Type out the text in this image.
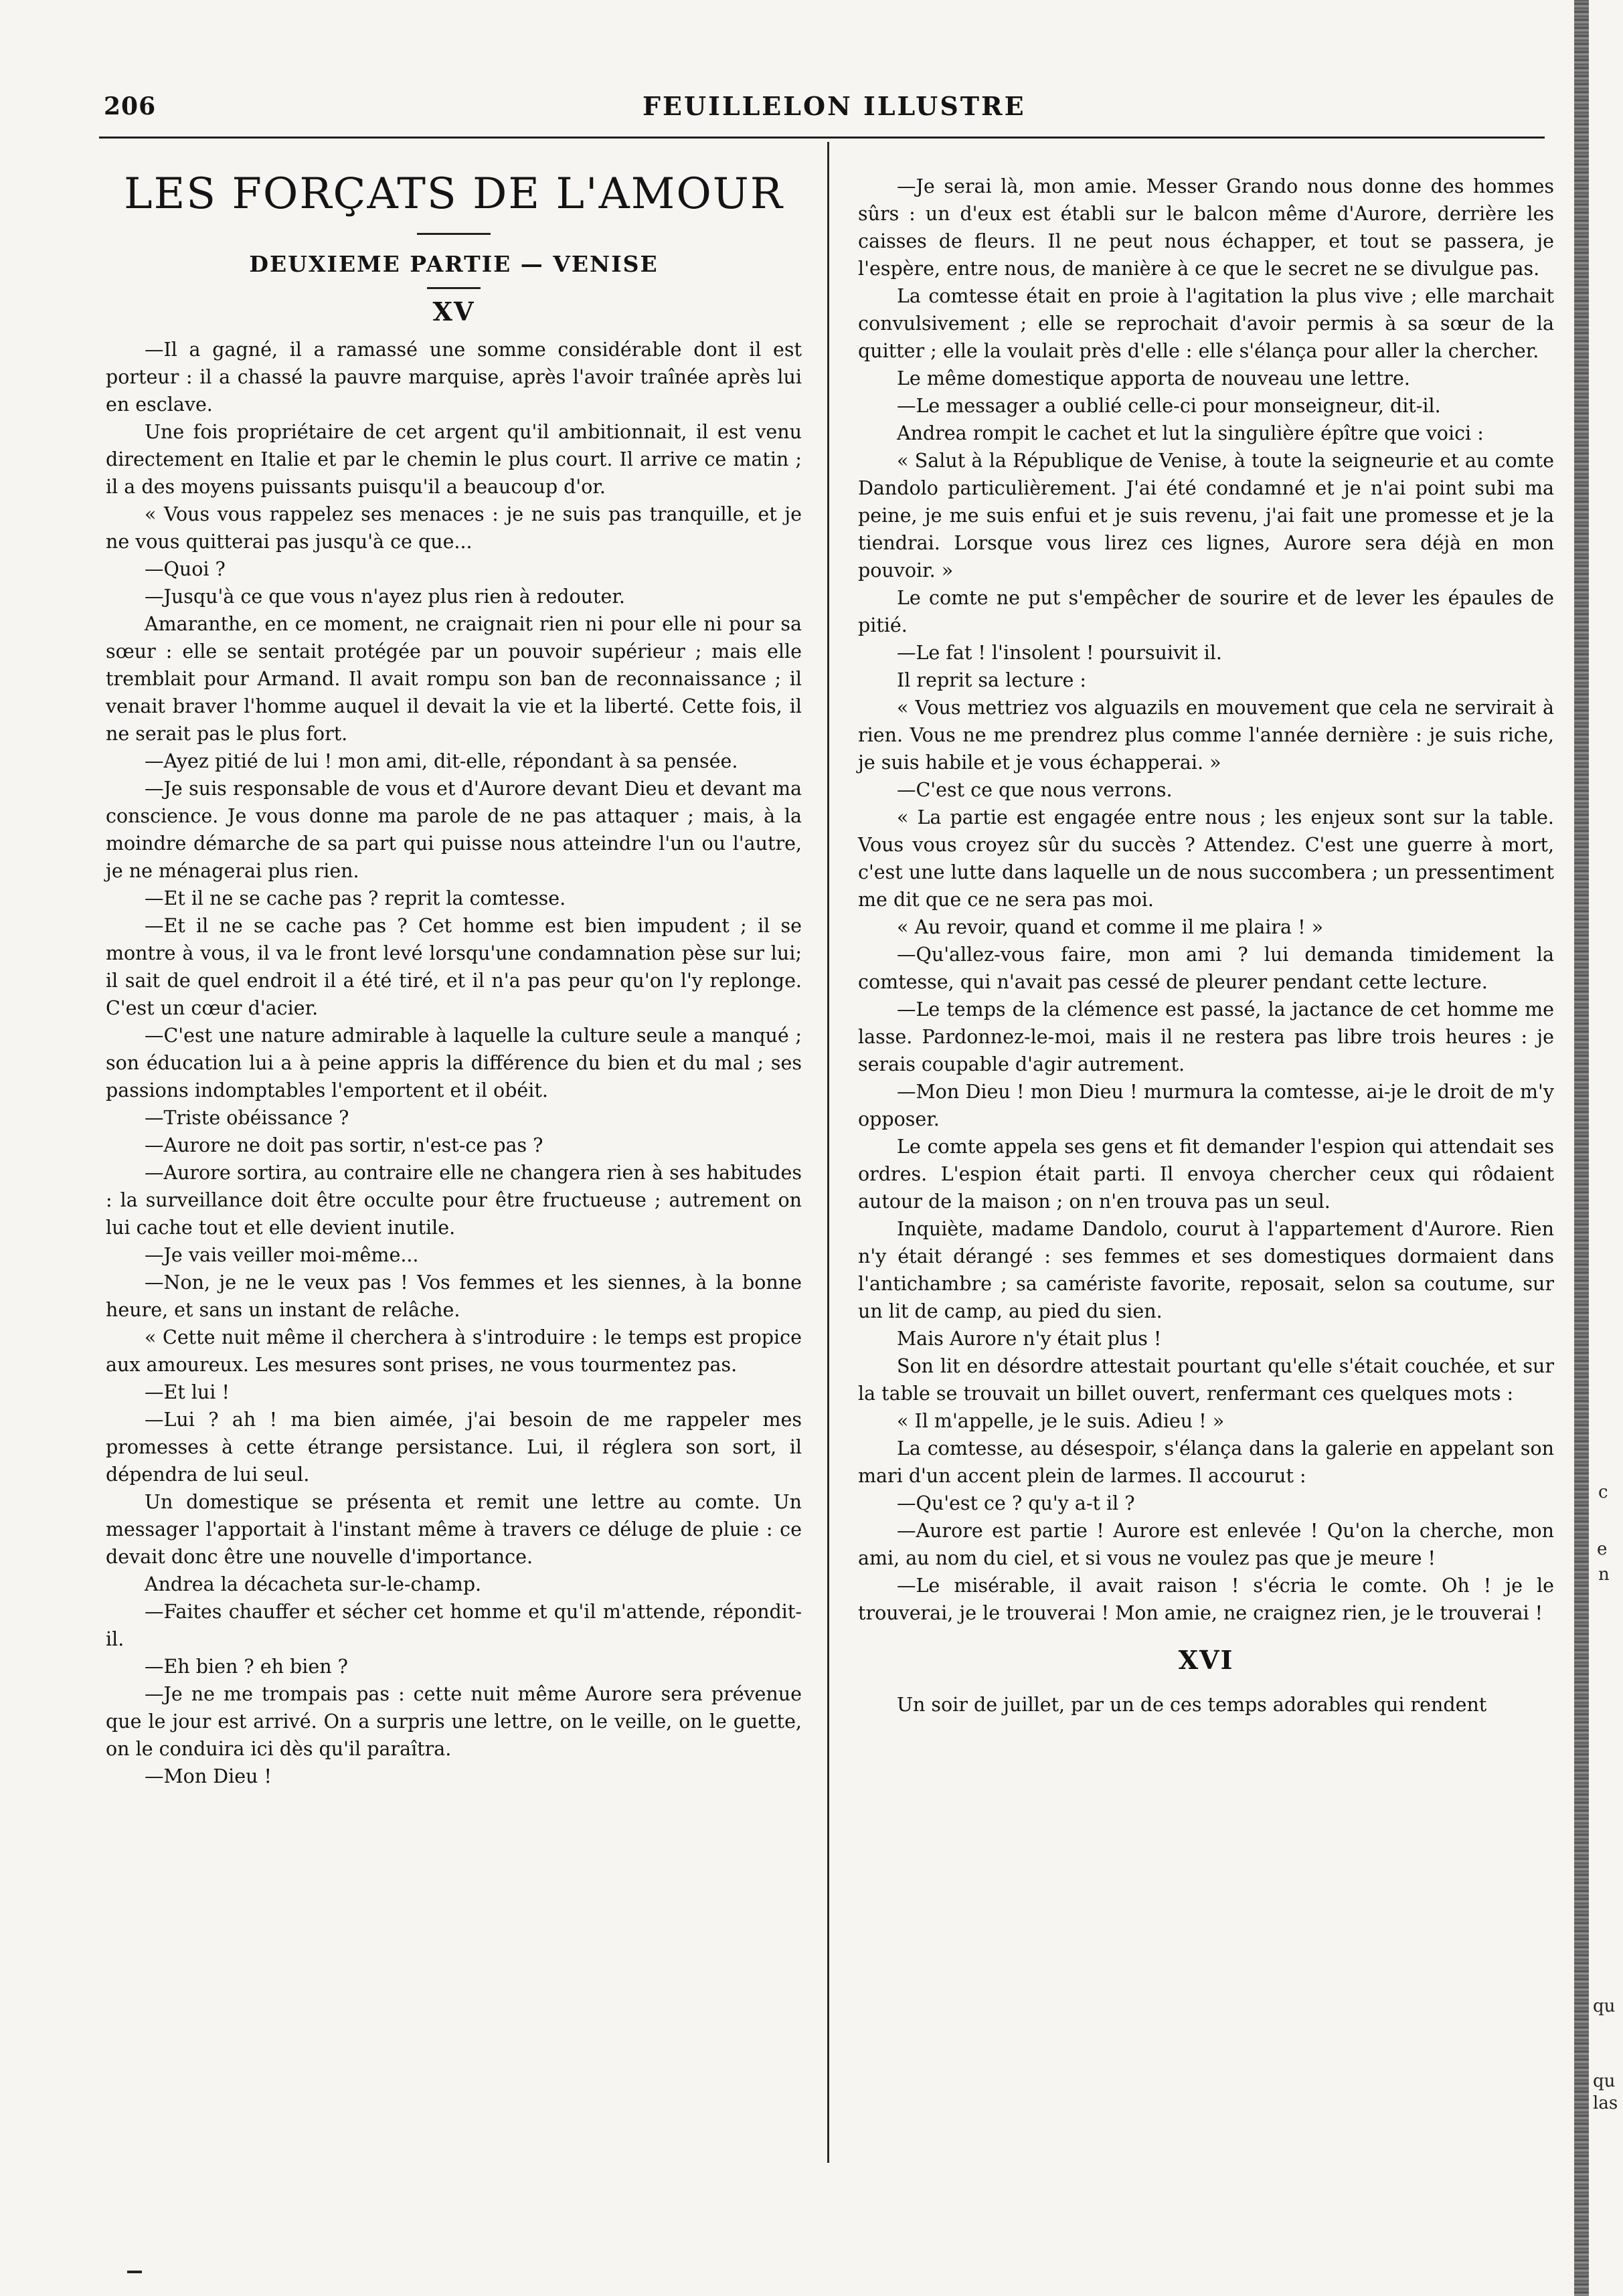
206	FEUILLELON ILLUSTRE
LES FORÇATS DE L'AMOUR
DEUXIEME PARTIE — VENISE
XV

—Il a gagné, il a ramassé une somme considérable dont il est porteur : il a chassé la pauvre marquise, après l'avoir traînée après lui en esclave.

Une fois propriétaire de cet argent qu'il ambitionnait, il est venu directement en Italie et par le chemin le plus court. Il arrive ce matin ; il a des moyens puissants puisqu'il a beaucoup d'or.

« Vous vous rappelez ses menaces : je ne suis pas tranquille, et je ne vous quitterai pas jusqu'à ce que...

—Quoi ?

—Jusqu'à ce que vous n'ayez plus rien à redouter.

Amaranthe, en ce moment, ne craignait rien ni pour elle ni pour sa sœur : elle se sentait protégée par un pouvoir supérieur ; mais elle tremblait pour Armand. Il avait rompu son ban de reconnaissance ; il venait braver l'homme auquel il devait la vie et la liberté. Cette fois, il ne serait pas le plus fort.

—Ayez pitié de lui ! mon ami, dit-elle, répondant à sa pensée.

—Je suis responsable de vous et d'Aurore devant Dieu et devant ma conscience. Je vous donne ma parole de ne pas attaquer ; mais, à la moindre démarche de sa part qui puisse nous atteindre l'un ou l'autre, je ne ménagerai plus rien.

—Et il ne se cache pas ? reprit la comtesse.

—Et il ne se cache pas ? Cet homme est bien impudent ; il se montre à vous, il va le front levé lorsqu'une condamnation pèse sur lui; il sait de quel endroit il a été tiré, et il n'a pas peur qu'on l'y replonge. C'est un cœur d'acier.

—C'est une nature admirable à laquelle la culture seule a manqué ; son éducation lui a à peine appris la différence du bien et du mal ; ses passions indomptables l'emportent et il obéit.

—Triste obéissance ?

—Aurore ne doit pas sortir, n'est-ce pas ?

—Aurore sortira, au contraire elle ne changera rien à ses habitudes : la surveillance doit être occulte pour être fructueuse ; autrement on lui cache tout et elle devient inutile.

—Je vais veiller moi-même...

—Non, je ne le veux pas ! Vos femmes et les siennes, à la bonne heure, et sans un instant de relâche.

« Cette nuit même il cherchera à s'introduire : le temps est propice aux amoureux. Les mesures sont prises, ne vous tourmentez pas.

—Et lui !

—Lui ? ah ! ma bien aimée, j'ai besoin de me rappeler mes promesses à cette étrange persistance. Lui, il réglera son sort, il dépendra de lui seul.

Un domestique se présenta et remit une lettre au comte. Un messager l'apportait à l'instant même à travers ce déluge de pluie : ce devait donc être une nouvelle d'importance.

Andrea la décacheta sur-le-champ.

—Faites chauffer et sécher cet homme et qu'il m'attende, répondit-il.

—Eh bien ? eh bien ?

—Je ne me trompais pas : cette nuit même Aurore sera prévenue que le jour est arrivé. On a surpris une lettre, on le veille, on le guette, on le conduira ici dès qu'il paraîtra.

—Mon Dieu !

—Je serai là, mon amie. Messer Grando nous donne des hommes sûrs : un d'eux est établi sur le balcon même d'Aurore, derrière les caisses de fleurs. Il ne peut nous échapper, et tout se passera, je l'espère, entre nous, de manière à ce que le secret ne se divulgue pas.

La comtesse était en proie à l'agitation la plus vive ; elle marchait convulsivement ; elle se reprochait d'avoir permis à sa sœur de la quitter ; elle la voulait près d'elle : elle s'élança pour aller la chercher.

Le même domestique apporta de nouveau une lettre.

—Le messager a oublié celle-ci pour monseigneur, dit-il.

Andrea rompit le cachet et lut la singulière épître que voici :

« Salut à la République de Venise, à toute la seigneurie et au comte Dandolo particulièrement. J'ai été condamné et je n'ai point subi ma peine, je me suis enfui et je suis revenu, j'ai fait une promesse et je la tiendrai. Lorsque vous lirez ces lignes, Aurore sera déjà en mon pouvoir. »

Le comte ne put s'empêcher de sourire et de lever les épaules de pitié.

—Le fat ! l'insolent ! poursuivit il.

Il reprit sa lecture :

« Vous mettriez vos alguazils en mouvement que cela ne servirait à rien. Vous ne me prendrez plus comme l'année dernière : je suis riche, je suis habile et je vous échapperai. »

—C'est ce que nous verrons.

« La partie est engagée entre nous ; les enjeux sont sur la table. Vous vous croyez sûr du succès ? Attendez. C'est une guerre à mort, c'est une lutte dans laquelle un de nous succombera ; un pressentiment me dit que ce ne sera pas moi.

« Au revoir, quand et comme il me plaira ! »

—Qu'allez-vous faire, mon ami ? lui demanda timidement la comtesse, qui n'avait pas cessé de pleurer pendant cette lecture.

—Le temps de la clémence est passé, la jactance de cet homme me lasse. Pardonnez-le-moi, mais il ne restera pas libre trois heures : je serais coupable d'agir autrement.

—Mon Dieu ! mon Dieu ! murmura la comtesse, ai-je le droit de m'y opposer.

Le comte appela ses gens et fit demander l'espion qui attendait ses ordres. L'espion était parti. Il envoya chercher ceux qui rôdaient autour de la maison ; on n'en trouva pas un seul.

Inquiète, madame Dandolo, courut à l'appartement d'Aurore. Rien n'y était dérangé : ses femmes et ses domestiques dormaient dans l'antichambre ; sa camériste favorite, reposait, selon sa coutume, sur un lit de camp, au pied du sien.

Mais Aurore n'y était plus !

Son lit en désordre attestait pourtant qu'elle s'était couchée, et sur la table se trouvait un billet ouvert, renfermant ces quelques mots :

« Il m'appelle, je le suis. Adieu ! »

La comtesse, au désespoir, s'élança dans la galerie en appelant son mari d'un accent plein de larmes. Il accourut :

—Qu'est ce ? qu'y a-t il ?

—Aurore est partie ! Aurore est enlevée ! Qu'on la cherche, mon ami, au nom du ciel, et si vous ne voulez pas que je meure !

—Le misérable, il avait raison ! s'écria le comte. Oh ! je le trouverai, je le trouverai ! Mon amie, ne craignez rien, je le trouverai !

XVI

Un soir de juillet, par un de ces temps adorables qui rendent

c
e
n
qu
qu
las
